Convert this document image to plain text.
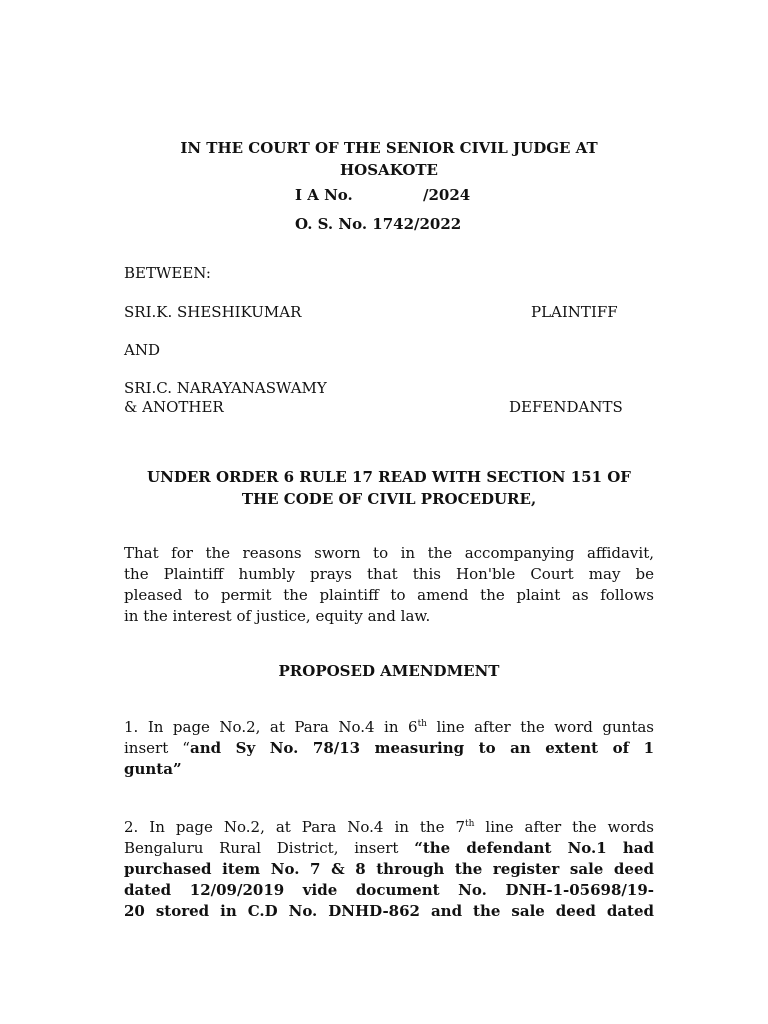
IN THE COURT OF THE SENIOR CIVIL JUDGE AT
HOSAKOTE
I A No.	/2024
O. S. No. 1742/2022
BETWEEN:
SRI.K. SHESHIKUMAR	PLAINTIFF
AND
SRI.C. NARAYANASWAMY
& ANOTHER	DEFENDANTS
UNDER ORDER 6 RULE 17 READ WITH SECTION 151 OF
THE CODE OF CIVIL PROCEDURE,
That for the reasons sworn to in the accompanying affidavit,
the Plaintiff humbly prays that this Hon'ble Court may be
pleased to permit the plaintiff to amend the plaint as follows
in the interest of justice, equity and law.
PROPOSED AMENDMENT
1. In page No.2, at Para No.4 in 6th line after the word guntas
insert “and Sy No. 78/13 measuring to an extent of 1
gunta”
2. In page No.2, at Para No.4 in the 7th line after the words
Bengaluru Rural District, insert “the defendant No.1 had
purchased item No. 7 & 8 through the register sale deed
dated 12/09/2019 vide document No. DNH-1-05698/19-
20 stored in C.D No. DNHD-862 and the sale deed dated
